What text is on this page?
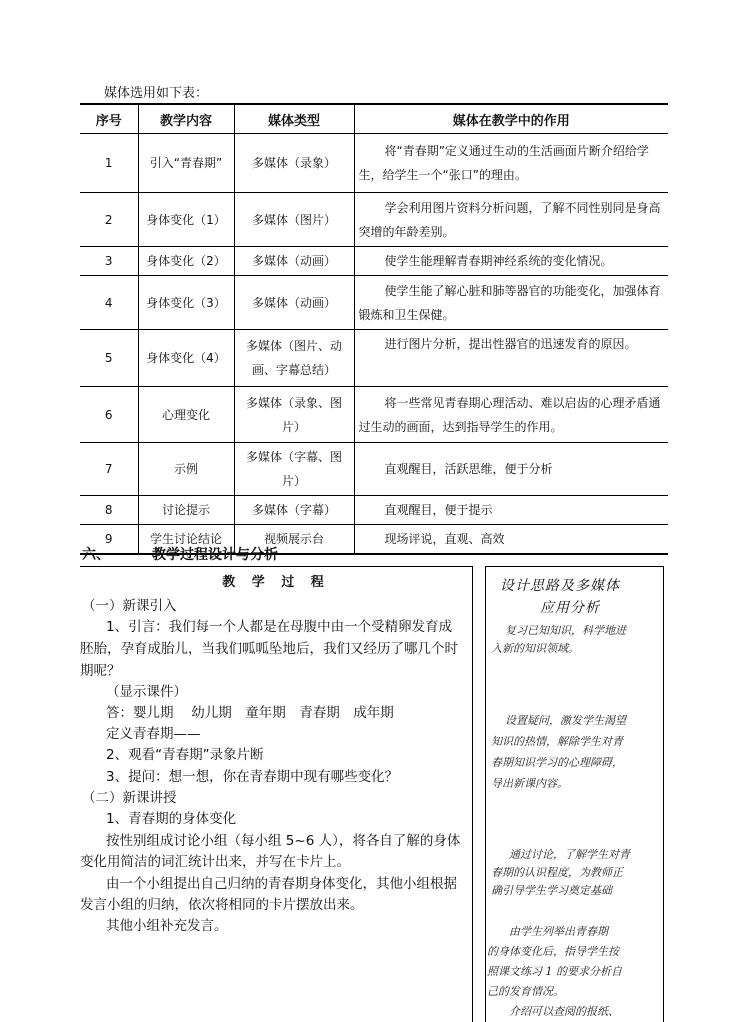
媒体选用如下表：
序号	教学内容	媒体类型	媒体在教学中的作用
1	引入“青春期”	多媒体（录象）	将“青春期”定义通过生动的生活画面片断介绍给学生，给学生一个“张口”的理由。
2	身体变化（1）	多媒体（图片）	学会利用图片资料分析问题，了解不同性别同是身高突增的年龄差别。
3	身体变化（2）	多媒体（动画）	使学生能理解青春期神经系统的变化情况。
4	身体变化（3）	多媒体（动画）	使学生能了解心脏和肺等器官的功能变化，加强体育锻炼和卫生保健。
5	身体变化（4）	多媒体（图片、动画、字幕总结）	进行图片分析，提出性器官的迅速发育的原因。
6	心理变化	多媒体（录象、图片）	将一些常见青春期心理活动、难以启齿的心理矛盾通过生动的画面，达到指导学生的作用。
7	示例	多媒体（字幕、图片）	直观醒目，活跃思维，便于分析
8	讨论提示	多媒体（字幕）	直观醒目，便于提示
9	学生讨论结论	视频展示台	现场评说，直观、高效
六、	教学过程设计与分析
教 学 过 程
（一）新课引入
1、引言：我们每一个人都是在母腹中由一个受精卵发育成
胚胎，孕育成胎儿，当我们呱呱坠地后，我们又经历了哪几个时
期呢？
（显示课件）
答：婴儿期　 幼儿期　童年期　青春期　成年期
定义青春期——
2、观看“青春期”录象片断
3、提问：想一想，你在青春期中现有哪些变化？
（二）新课讲授
1、青春期的身体变化
按性别组成讨论小组（每小组 5~6 人），将各自了解的身体
变化用简洁的词汇统计出来，并写在卡片上。
由一个小组提出自己归纳的青春期身体变化，其他小组根据
发言小组的归纳，依次将相同的卡片摆放出来。
其他小组补充发言。
设计思路及多媒体
应用分析
复习已知知识，科学地进
入新的知识领域。
设置疑问，激发学生渴望
知识的热情，解除学生对青
春期知识学习的心理障碍，
导出新课内容。
通过讨论，了解学生对青
春期的认识程度，为教师正
确引导学生学习奠定基础
由学生列举出青春期
的身体变化后，指导学生按
照课文练习 1 的要求分析自
己的发育情况。
介绍可以查阅的报纸、
